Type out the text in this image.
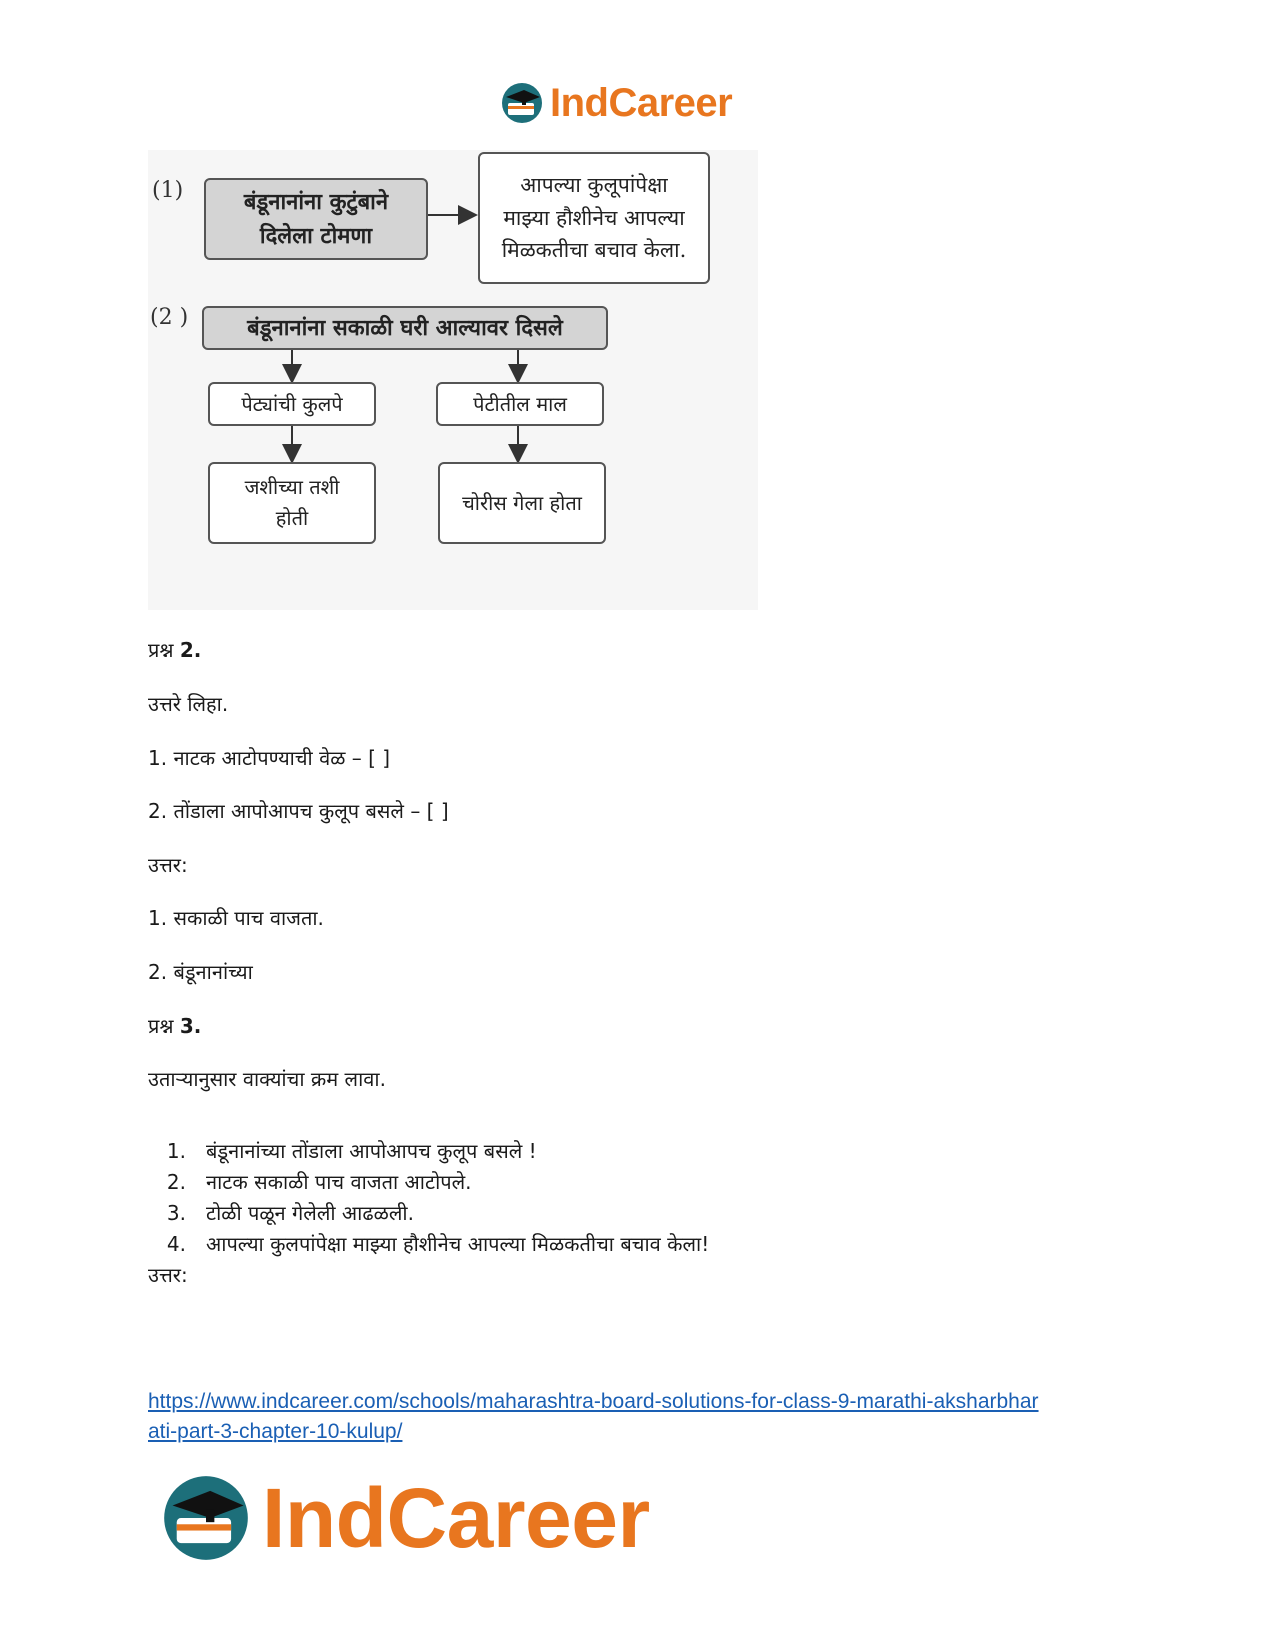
IndCareer
(1)	बंडूनानांना कुटुंबाने
दिलेला टोमणा
आपल्या कुलूपांपेक्षा
माझ्या हौशीनेच आपल्या
मिळकतीचा बचाव केला.
(2 )	बंडूनानांना सकाळी घरी आल्यावर दिसले
पेट्यांची कुलपे	पेटीतील माल
जशीच्या तशी
होती
चोरीस गेला होता

प्रश्न 2.

उत्तरे लिहा.

1. नाटक आटोपण्याची वेळ – [ ]

2. तोंडाला आपोआपच कुलूप बसले – [ ]

उत्तर:

1. सकाळी पाच वाजता.

2. बंडूनानांच्या

प्रश्न 3.

उताऱ्यानुसार वाक्यांचा क्रम लावा.

1. बंडूनानांच्या तोंडाला आपोआपच कुलूप बसले !
2. नाटक सकाळी पाच वाजता आटोपले.
3. टोळी पळून गेलेली आढळली.
4. आपल्या कुलपांपेक्षा माझ्या हौशीनेच आपल्या मिळकतीचा बचाव केला!

उत्तर:

https://www.indcareer.com/schools/maharashtra-board-solutions-for-class-9-marathi-aksharbhar
ati-part-3-chapter-10-kulup/
IndCareer
